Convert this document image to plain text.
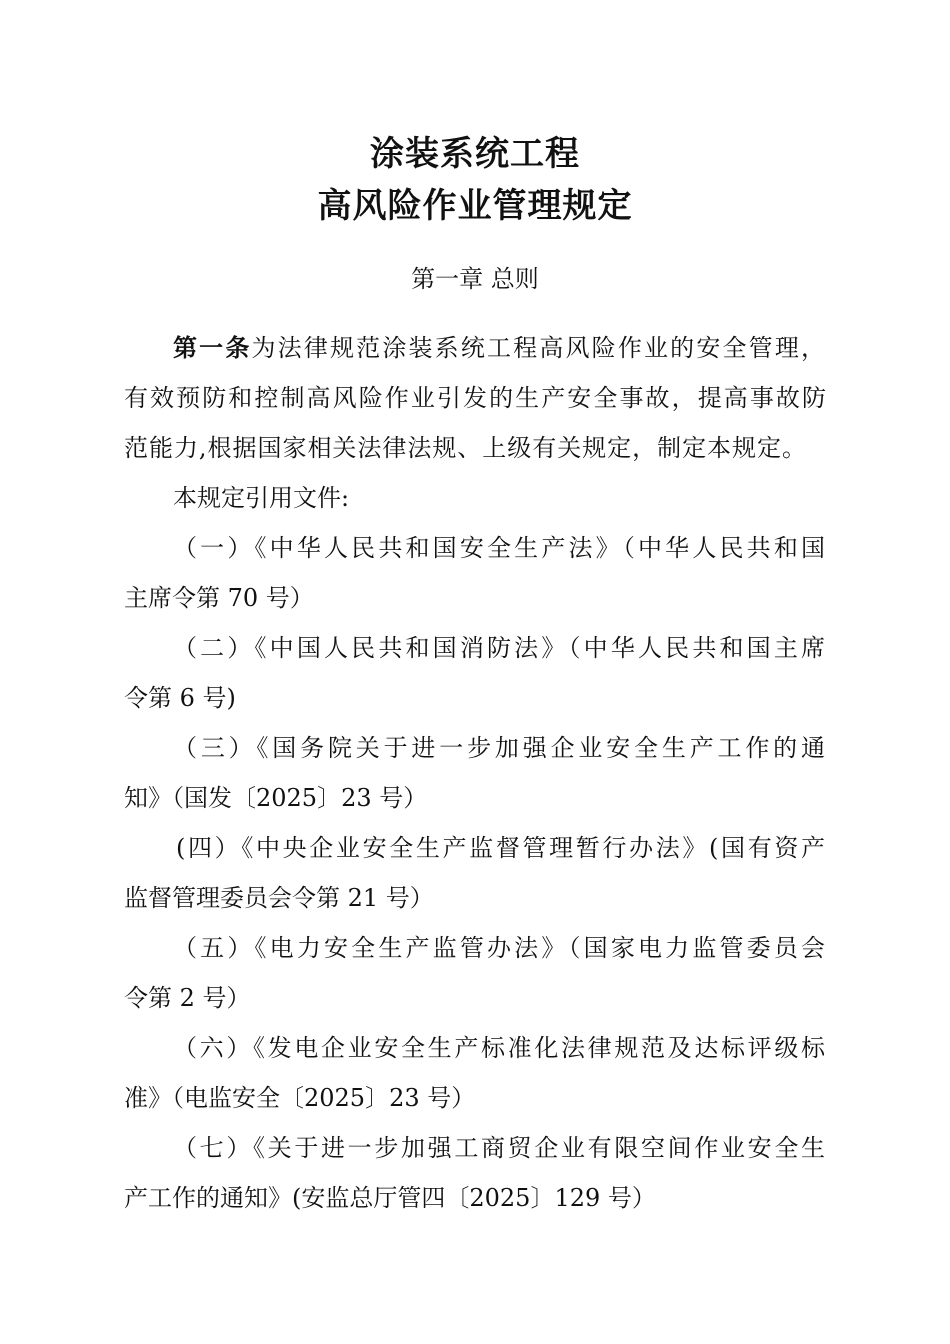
涂装系统工程
高风险作业管理规定
第一章 总则
第一条为法律规范涂装系统工程高风险作业的安全管理，
有效预防和控制高风险作业引发的生产安全事故，提高事故防
范能力,根据国家相关法律法规、上级有关规定，制定本规定。
本规定引用文件:
（一）《中华人民共和国安全生产法》（中华人民共和国
主席令第 70 号）
（二）《中国人民共和国消防法》（中华人民共和国主席
令第 6 号)
（三）《国务院关于进一步加强企业安全生产工作的通
知》（国发〔2025〕23 号）
(四）《中央企业安全生产监督管理暂行办法》(国有资产
监督管理委员会令第 21 号）
（五）《电力安全生产监管办法》（国家电力监管委员会
令第 2 号）
（六）《发电企业安全生产标准化法律规范及达标评级标
准》（电监安全〔2025〕23 号）
（七）《关于进一步加强工商贸企业有限空间作业安全生
产工作的通知》(安监总厅管四〔2025〕129 号）
